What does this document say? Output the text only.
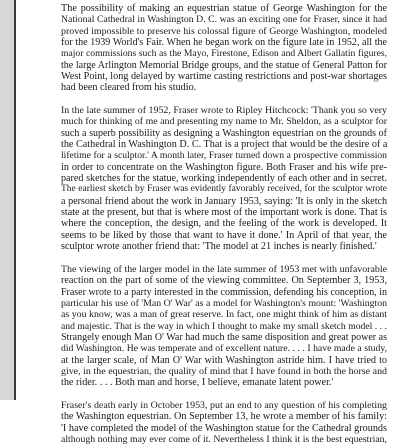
The possibility of making an equestrian statue of George Washington for the
National Cathedral in Washington D. C. was an exciting one for Fraser, since it had
proved impossible to preserve his colossal figure of George Washington, modeled
for the 1939 World's Fair. When he began work on the figure late in 1952, all the
major commissions such as the Mayo, Firestone, Edison and Albert Gallatin figures,
the large Arlington Memorial Bridge groups, and the statue of General Patton for
West Point, long delayed by wartime casting restrictions and post-war shortages
had been cleared from his studio.

In the late summer of 1952, Fraser wrote to Ripley Hitchcock: 'Thank you so very
much for thinking of me and presenting my name to Mr. Sheldon, as a sculptor for
such a superb possibility as designing a Washington equestrian on the grounds of
the Cathedral in Washington D. C. That is a project that would be the desire of a
lifetime for a sculptor.' A month later, Fraser turned down a prospective commission
in order to concentrate on the Washington figure. Both Fraser and his wife pre-
pared sketches for the statue, working independently of each other and in secret.
The earliest sketch by Fraser was evidently favorably received, for the sculptor wrote
a personal friend about the work in January 1953, saying: 'It is only in the sketch
state at the present, but that is where most of the important work is done. That is
where the conception, the design, and the feeling of the work is developed. It
seems to be liked by those that want to have it done.' In April of that year, the
sculptor wrote another friend that: 'The model at 21 inches is nearly finished.'

The viewing of the larger model in the late summer of 1953 met with unfavorable
reaction on the part of some of the viewing committee. On September 3, 1953,
Fraser wrote to a party interested in the commission, defending his conception, in
particular his use of 'Man O' War' as a model for Washington's mount: 'Washington
as you know, was a man of great reserve. In fact, one might think of him as distant
and majestic. That is the way in which I thought to make my small sketch model . . .
Strangely enough Man O' War had much the same disposition and great power as
did Washington. He was temperate and of excellent nature. . . . I have made a study,
at the larger scale, of Man O' War with Washington astride him. I have tried to
give, in the equestrian, the quality of mind that I have found in both the horse and
the rider. . . . Both man and horse, I believe, emanate latent power.'

Fraser's death early in October 1953, put an end to any question of his completing
the Washington equestrian. On September 13, he wrote a member of his family:
'I have completed the model of the Washington statue for the Cathedral grounds
although nothing may ever come of it. Nevertheless I think it is the best equestrian,
